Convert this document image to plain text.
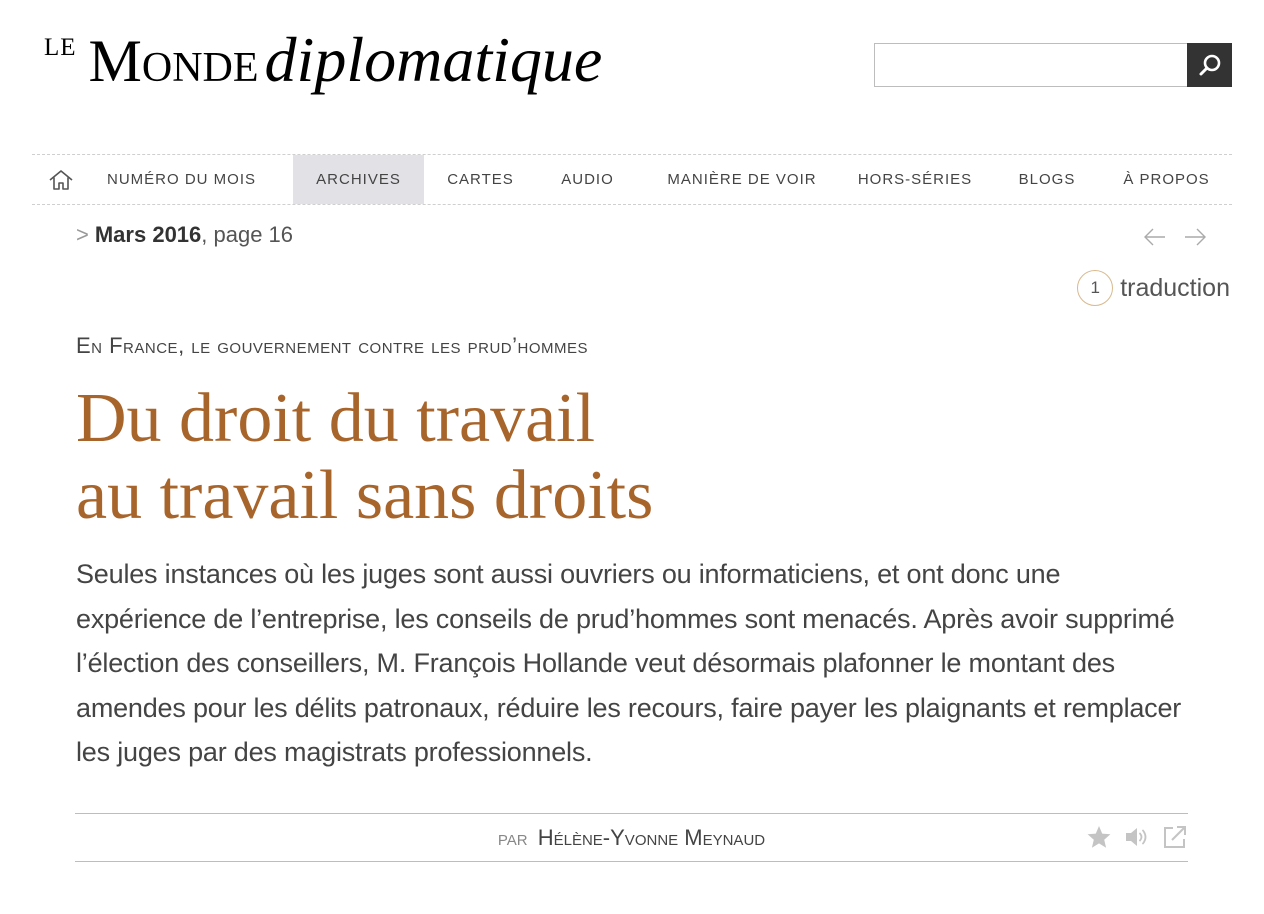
LE Mondediplomatique
NUMÉRO DU MOIS	ARCHIVES	CARTES	AUDIO	MANIÈRE DE VOIR	HORS-SÉRIES	BLOGS	À PROPOS
> Mars 2016, page 16
1 traduction
En France, le gouvernement contre les prud’hommes
Du droit du travail
au travail sans droits

Seules instances où les juges sont aussi ouvriers ou informaticiens, et ont donc une expérience de l’entreprise, les conseils de prud’hommes sont menacés. Après avoir supprimé l’élection des conseillers, M. François Hollande veut désormais plafonner le montant des amendes pour les délits patronaux, réduire les recours, faire payer les plaignants et remplacer les juges par des magistrats professionnels.

par Hélène-Yvonne Meynaud
